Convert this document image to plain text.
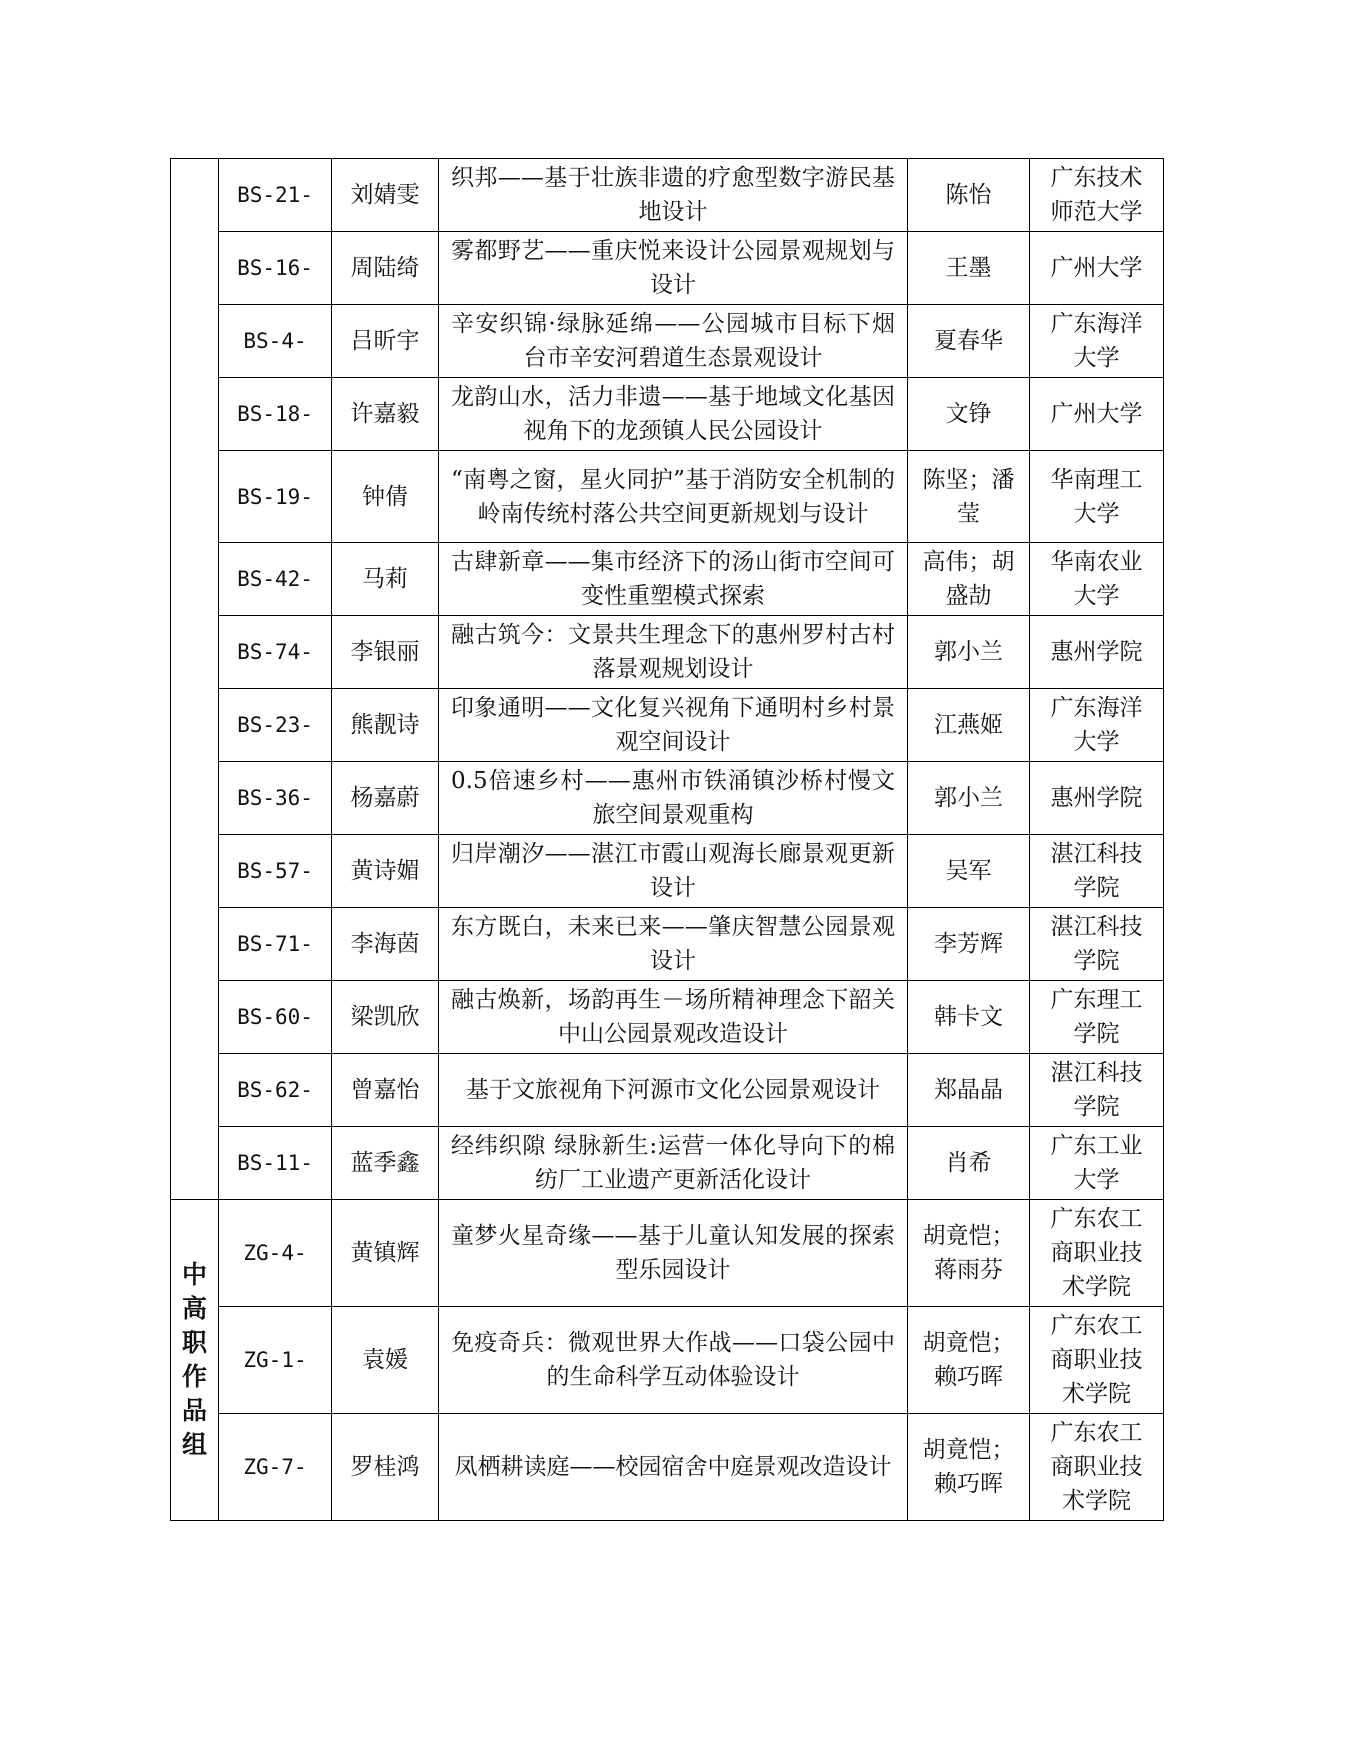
	BS-21-	刘婧雯	织邦——基于壮族非遗的疗愈型数字游民基地设计	陈怡	广东技术师范大学
	BS-16-	周陆绮	雾都野艺——重庆悦来设计公园景观规划与设计	王墨	广州大学
	BS-4-	吕昕宇	辛安织锦·绿脉延绵——公园城市目标下烟台市辛安河碧道生态景观设计	夏春华	广东海洋大学
	BS-18-	许嘉毅	龙韵山水，活力非遗——基于地域文化基因视角下的龙颈镇人民公园设计	文铮	广州大学
	BS-19-	钟倩	“南粤之窗，星火同护”基于消防安全机制的岭南传统村落公共空间更新规划与设计	陈坚；潘莹	华南理工大学
	BS-42-	马莉	古肆新章——集市经济下的汤山街市空间可变性重塑模式探索	高伟；胡盛劼	华南农业大学
	BS-74-	李银丽	融古筑今：文景共生理念下的惠州罗村古村落景观规划设计	郭小兰	惠州学院
	BS-23-	熊靓诗	印象通明——文化复兴视角下通明村乡村景观空间设计	江燕姬	广东海洋大学
	BS-36-	杨嘉蔚	0.5倍速乡村——惠州市铁涌镇沙桥村慢文旅空间景观重构	郭小兰	惠州学院
	BS-57-	黄诗媚	归岸潮汐——湛江市霞山观海长廊景观更新设计	吴军	湛江科技学院
	BS-71-	李海茵	东方既白，未来已来——肇庆智慧公园景观设计	李芳辉	湛江科技学院
	BS-60-	梁凯欣	融古焕新，场韵再生－场所精神理念下韶关中山公园景观改造设计	韩卡文	广东理工学院
	BS-62-	曾嘉怡	基于文旅视角下河源市文化公园景观设计	郑晶晶	湛江科技学院
	BS-11-	蓝季鑫	经纬织隙 绿脉新生:运营一体化导向下的棉纺厂工业遗产更新活化设计	肖希	广东工业大学

中高职作品组	ZG-4-	黄镇辉	童梦火星奇缘——基于儿童认知发展的探索型乐园设计	胡竟恺；蒋雨芬	广东农工商职业技术学院
	ZG-1-	袁媛	免疫奇兵：微观世界大作战——口袋公园中的生命科学互动体验设计	胡竟恺；赖巧晖	广东农工商职业技术学院
	ZG-7-	罗桂鸿	凤栖耕读庭——校园宿舍中庭景观改造设计	胡竟恺；赖巧晖	广东农工商职业技术学院
